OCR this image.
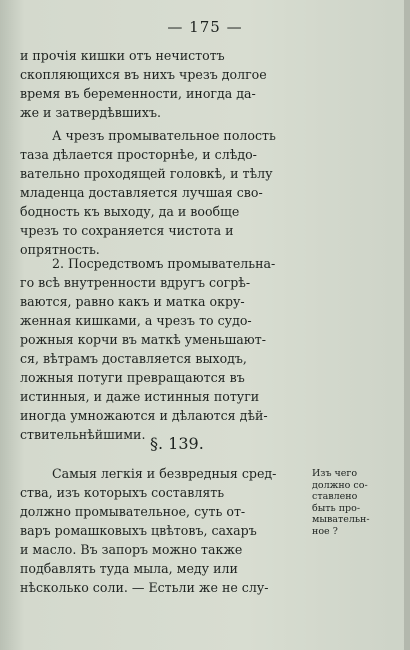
— 175 —
и прочія кишки отъ нечистотъ
скопляющихся въ нихъ чрезъ долгое
время въ беременности, иногда да-
же и затвердѣвшихъ.
А чрезъ промывательное полость
таза дѣлается просторнѣе, и слѣдо-
вательно проходящей головкѣ, и тѣлу
младенца доставляется лучшая сво-
бодность къ выходу, да и вообще
чрезъ то сохраняется чистота и
опрятность.
2. Посредствомъ промывательна-
го всѣ внутренности вдругъ согрѣ-
ваются, равно какъ и матка окру-
женная кишками, а чрезъ то судо-
рожныя корчи въ маткѣ уменьшают-
ся, вѣтрамъ доставляется выходъ,
ложныя потуги превращаются въ
истинныя, и даже истинныя потуги
иногда умножаются и дѣлаются дѣй-
ствительнѣйшими. §. 139.
Самыя легкія и безвредныя сред-
ства, изъ которыхъ составлять
должно промывательное, суть от-
варъ ромашковыхъ цвѣтовъ, сахаръ
и масло. Въ запоръ можно также
подбавлять туда мыла, меду или
нѣсколько соли. — Естьли же не слу-
Изъ чего
должно со-
ставлено
быть про-
мывательн-
ное ?
